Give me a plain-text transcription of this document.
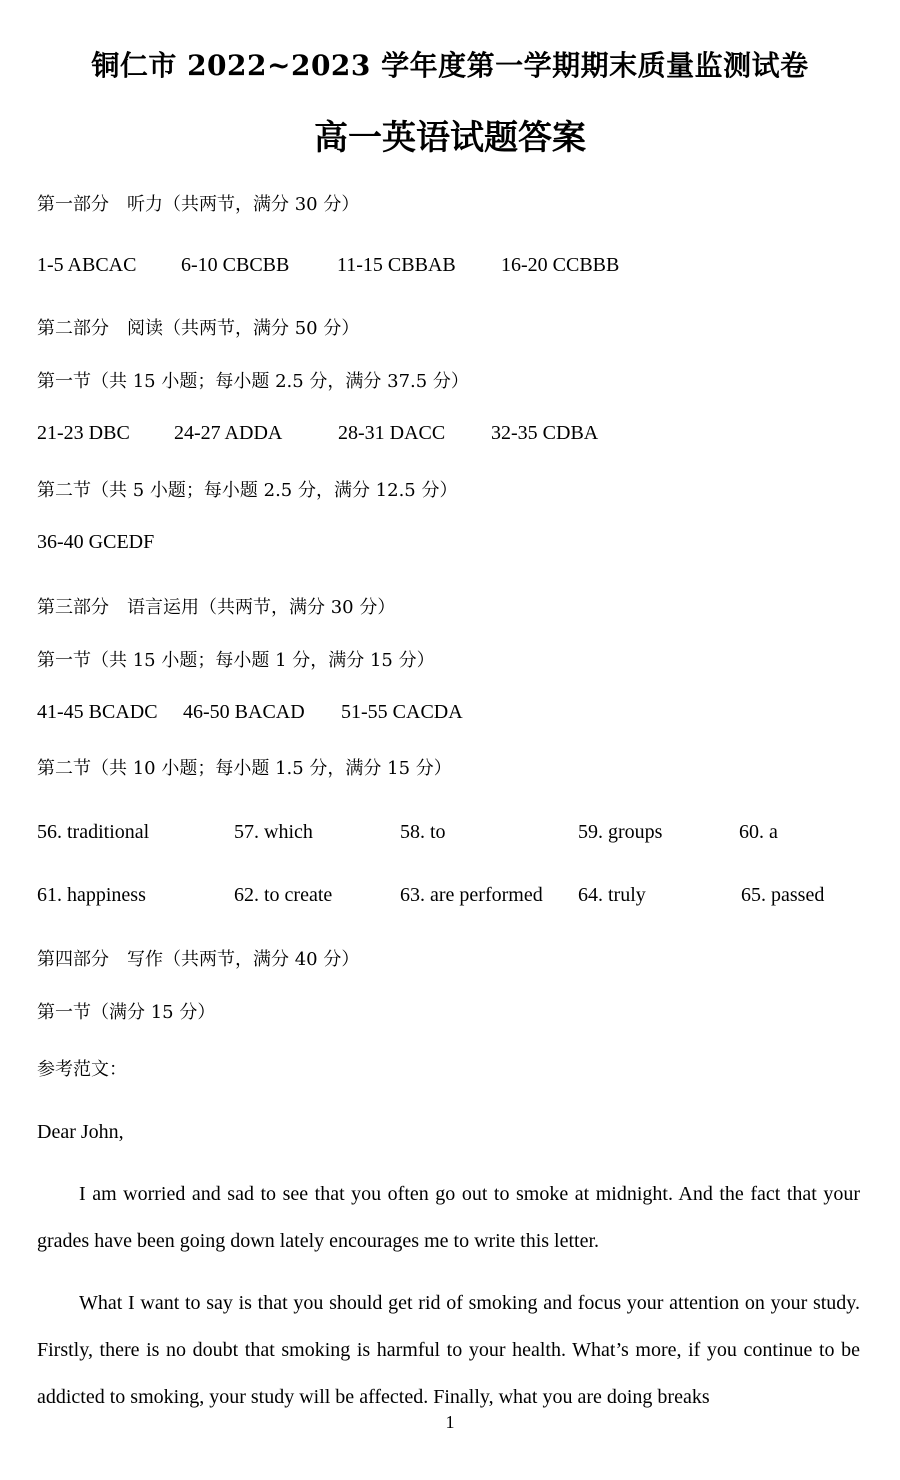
铜仁市 2022~2023 学年度第一学期期末质量监测试卷
高一英语试题答案
第一部分　听力（共两节，满分 30 分）
1-5 ABCAC 6-10 CBCBB 11-15 CBBAB 16-20 CCBBB
第二部分　阅读（共两节，满分 50 分）
第一节（共 15 小题；每小题 2.5 分，满分 37.5 分）
21-23 DBC 24-27 ADDA	28-31 DACC 32-35 CDBA
第二节（共 5 小题；每小题 2.5 分，满分 12.5 分）
36-40 GCEDF
第三部分　语言运用（共两节，满分 30 分）
第一节（共 15 小题；每小题 1 分，满分 15 分）
41-45 BCADC 46-50 BACAD 51-55 CACDA
第二节（共 10 小题；每小题 1.5 分，满分 15 分）
56. traditional	57. which	58. to	59. groups	60. a
61. happiness	62. to create	63. are performed 64. truly	65. passed
第四部分　写作（共两节，满分 40 分）
第一节（满分 15 分）
参考范文：
Dear John,
I am worried and sad to see that you often go out to smoke at midnight. And the fact that your grades have been going down lately encourages me to write this letter.
What I want to say is that you should get rid of smoking and focus your attention on your study. Firstly, there is no doubt that smoking is harmful to your health. What’s more, if you continue to be addicted to smoking, your study will be affected. Finally, what you are doing breaks
1
